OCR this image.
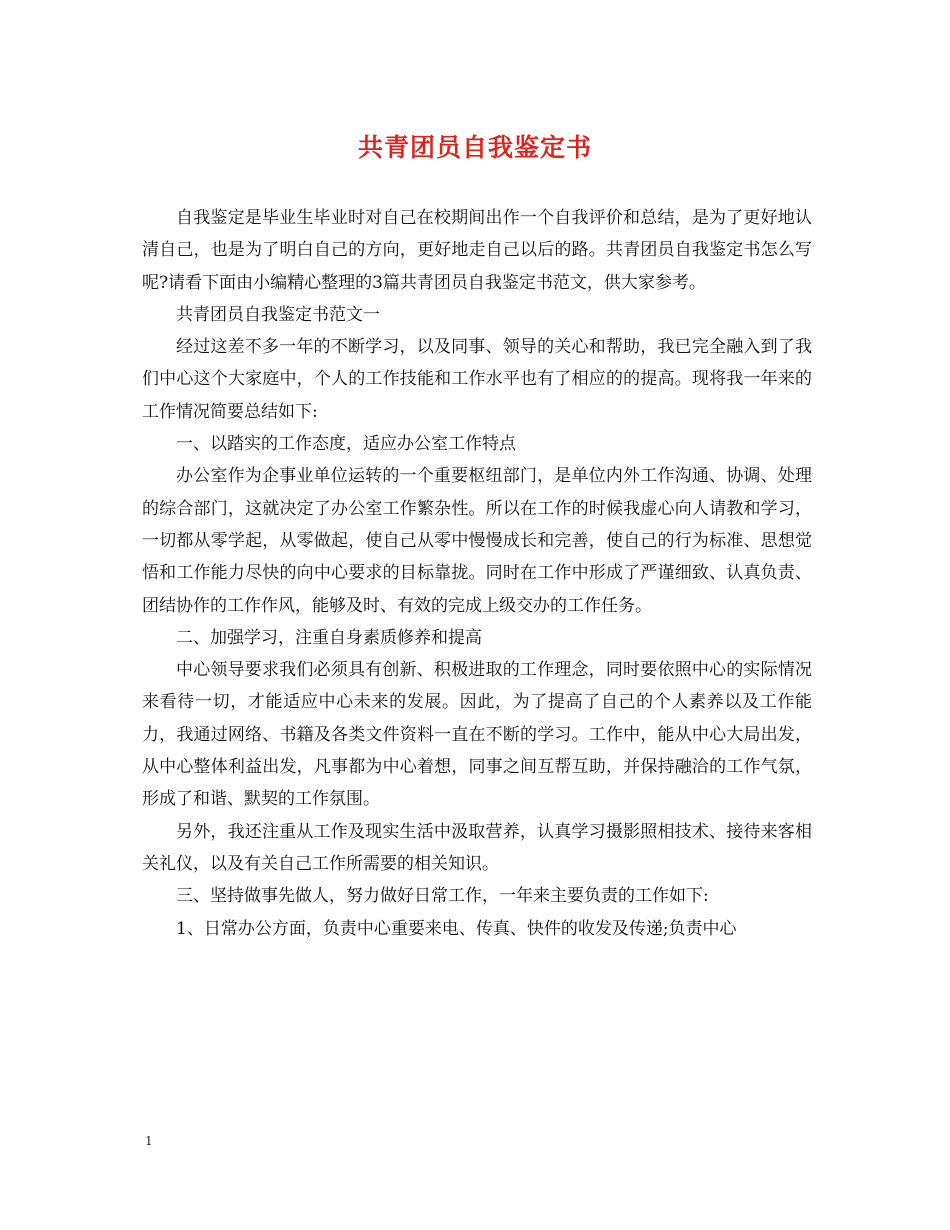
共青团员自我鉴定书

自我鉴定是毕业生毕业时对自己在校期间出作一个自我评价和总结，是为了更好地认清自己，也是为了明白自己的方向，更好地走自己以后的路。共青团员自我鉴定书怎么写呢?请看下面由小编精心整理的3篇共青团员自我鉴定书范文，供大家参考。

共青团员自我鉴定书范文一

经过这差不多一年的不断学习，以及同事、领导的关心和帮助，我已完全融入到了我们中心这个大家庭中，个人的工作技能和工作水平也有了相应的的提高。现将我一年来的工作情况简要总结如下:

一、以踏实的工作态度，适应办公室工作特点

办公室作为企事业单位运转的一个重要枢纽部门，是单位内外工作沟通、协调、处理的综合部门，这就决定了办公室工作繁杂性。所以在工作的时候我虚心向人请教和学习，一切都从零学起，从零做起，使自己从零中慢慢成长和完善，使自己的行为标准、思想觉悟和工作能力尽快的向中心要求的目标靠拢。同时在工作中形成了严谨细致、认真负责、团结协作的工作作风，能够及时、有效的完成上级交办的工作任务。

二、加强学习，注重自身素质修养和提高

中心领导要求我们必须具有创新、积极进取的工作理念，同时要依照中心的实际情况来看待一切，才能适应中心未来的发展。因此，为了提高了自己的个人素养以及工作能力，我通过网络、书籍及各类文件资料一直在不断的学习。工作中，能从中心大局出发，从中心整体利益出发，凡事都为中心着想，同事之间互帮互助，并保持融洽的工作气氛，形成了和谐、默契的工作氛围。

另外，我还注重从工作及现实生活中汲取营养，认真学习摄影照相技术、接待来客相关礼仪，以及有关自己工作所需要的相关知识。

三、坚持做事先做人，努力做好日常工作，一年来主要负责的工作如下:

1、日常办公方面，负责中心重要来电、传真、快件的收发及传递;负责中心

1
